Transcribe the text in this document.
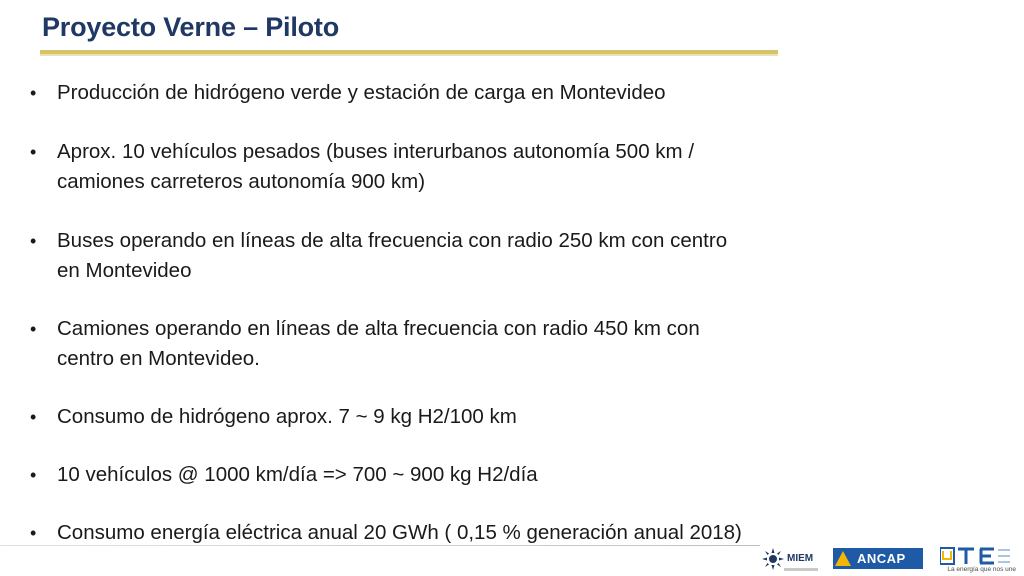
Proyecto Verne – Piloto
• Producción de hidrógeno verde y estación de carga en Montevideo
• Aprox. 10 vehículos pesados (buses interurbanos autonomía 500 km /
camiones carreteros autonomía 900 km)
• Buses operando en líneas de alta frecuencia con radio 250 km con centro
en Montevideo
• Camiones operando en líneas de alta frecuencia con radio 450 km con
centro en Montevideo.
• Consumo de hidrógeno aprox. 7 ~ 9 kg H2/100 km
• 10 vehículos @ 1000 km/día => 700 ~ 900 kg H2/día
• Consumo energía eléctrica anual 20 GWh ( 0,15 % generación anual 2018)
MIEM	ANCAP
La energía que nos une
